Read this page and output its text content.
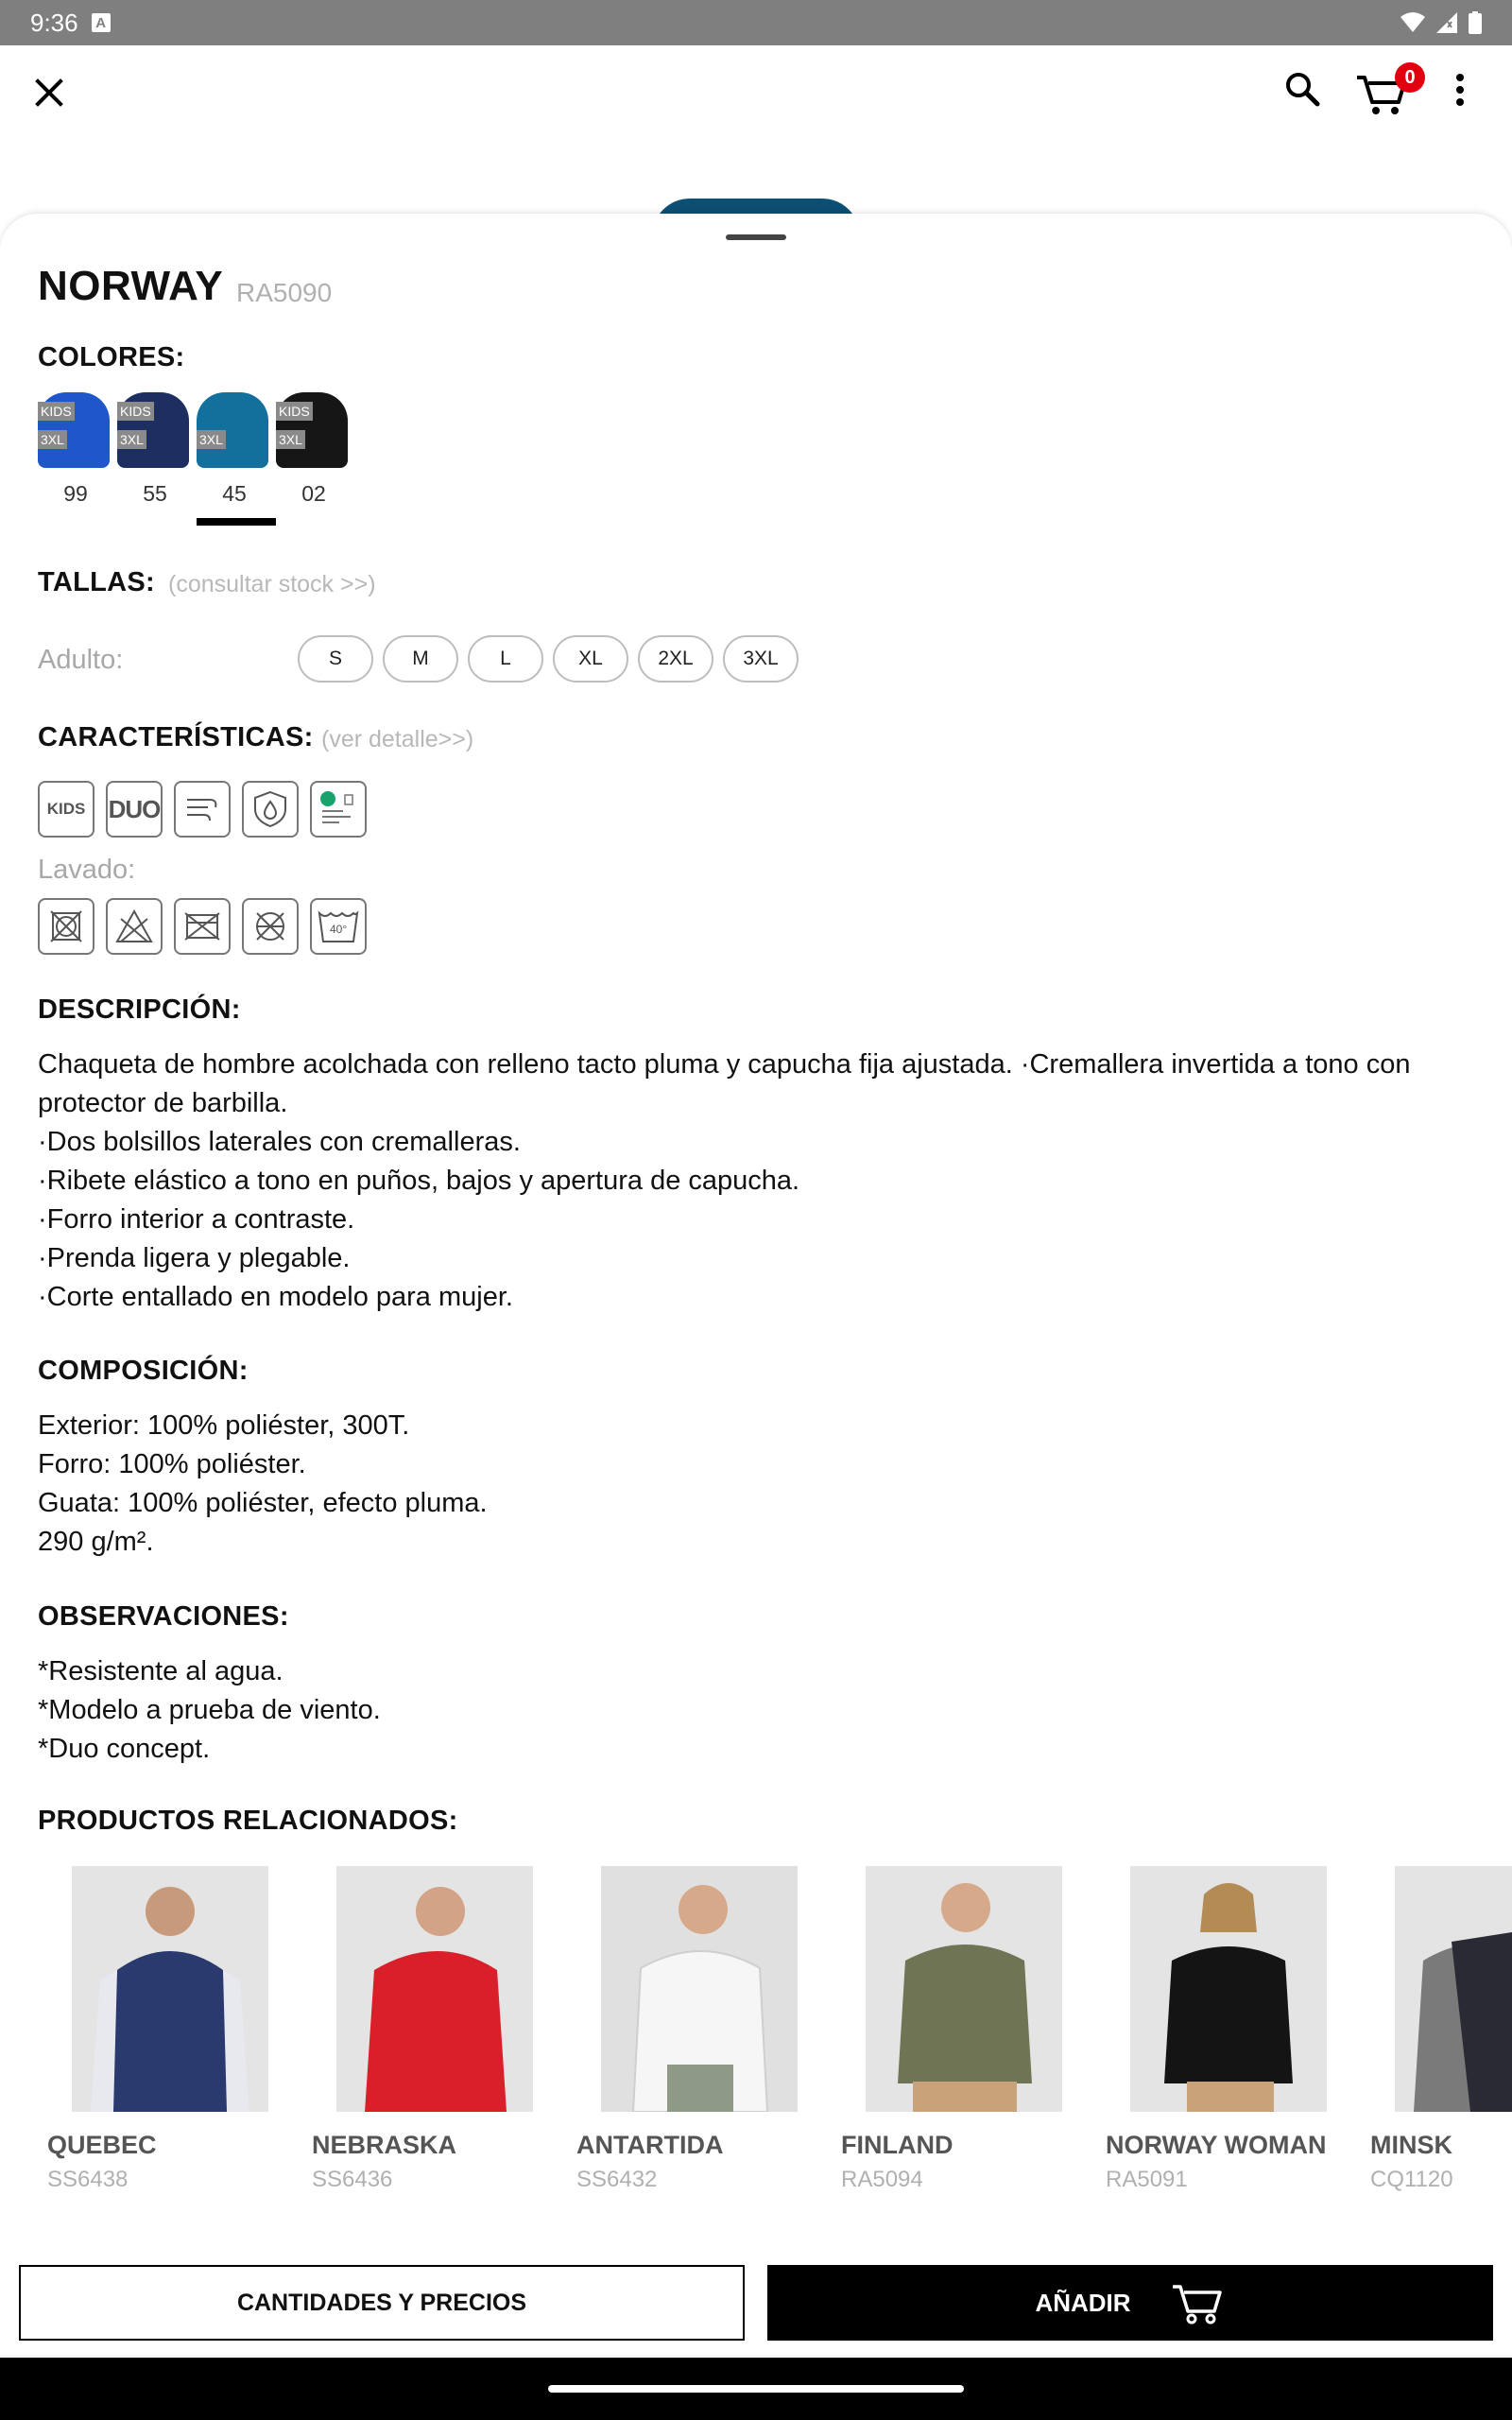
9:36	A
0
NORWAY RA5090
COLORES:
KIDS
3XL
99
KIDS
3XL
55
3XL
45
KIDS
3XL
02
TALLAS: (consultar stock >>)
Adulto:	S	M	L	XL	2XL	3XL
CARACTERÍSTICAS: (ver detalle>>)
KIDS DUO
Lavado:
40°
DESCRIPCIÓN:

Chaqueta de hombre acolchada con relleno tacto pluma y capucha fija ajustada. ·Cremallera invertida a tono con protector de barbilla.

·Dos bolsillos laterales con cremalleras.

·Ribete elástico a tono en puños, bajos y apertura de capucha.

·Forro interior a contraste.

·Prenda ligera y plegable.

·Corte entallado en modelo para mujer.

COMPOSICIÓN:

Exterior: 100% poliéster, 300T.

Forro: 100% poliéster.

Guata: 100% poliéster, efecto pluma.

290 g/m².

OBSERVACIONES:

*Resistente al agua.

*Modelo a prueba de viento.

*Duo concept.

PRODUCTOS RELACIONADOS:
QUEBEC
SS6438
NEBRASKA
SS6436
ANTARTIDA
SS6432
FINLAND
RA5094
NORWAY WOMAN
RA5091
MINSK
CQ1120
CANTIDADES Y PRECIOS	AÑADIR
